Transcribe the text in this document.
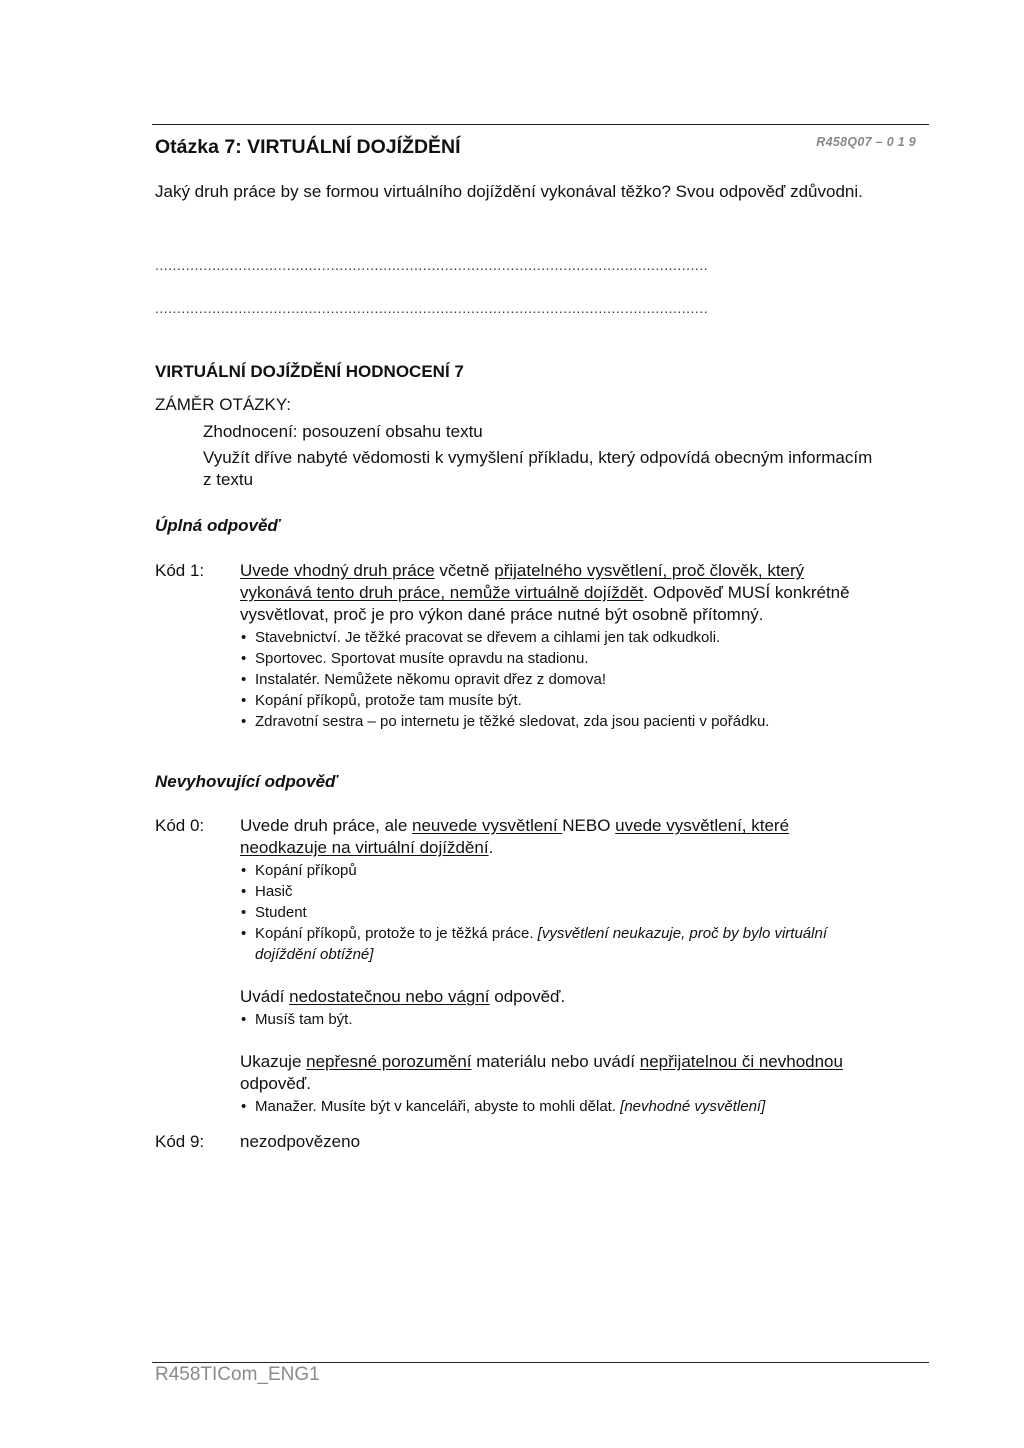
Otázka 7: VIRTUÁLNÍ DOJÍŽDĚNÍ	R458Q07 – 0 1 9
Jaký druh práce by se formou virtuálního dojíždění vykonával těžko? Svou odpověď zdůvodni.
..............................................................................................................................
..............................................................................................................................
VIRTUÁLNÍ DOJÍŽDĚNÍ HODNOCENÍ 7
ZÁMĚR OTÁZKY:
Zhodnocení: posouzení obsahu textu
Využít dříve nabyté vědomosti k vymyšlení příkladu, který odpovídá obecným informacím z textu
Úplná odpověď
Kód 1: Uvede vhodný druh práce včetně přijatelného vysvětlení, proč člověk, který vykonává tento druh práce, nemůže virtuálně dojíždět. Odpověď MUSÍ konkrétně vysvětlovat, proč je pro výkon dané práce nutné být osobně přítomný.
• Stavebnictví. Je těžké pracovat se dřevem a cihlami jen tak odkudkoli.
• Sportovec. Sportovat musíte opravdu na stadionu.
• Instalatér. Nemůžete někomu opravit dřez z domova!
• Kopání příkopů, protože tam musíte být.
• Zdravotní sestra – po internetu je těžké sledovat, zda jsou pacienti v pořádku.
Nevyhovující odpověď
Kód 0: Uvede druh práce, ale neuvede vysvětlení NEBO uvede vysvětlení, které neodkazuje na virtuální dojíždění.
• Kopání příkopů
• Hasič
• Student
• Kopání příkopů, protože to je těžká práce. [vysvětlení neukazuje, proč by bylo virtuální dojíždění obtížné]
Uvádí nedostatečnou nebo vágní odpověď.
• Musíš tam být.
Ukazuje nepřesné porozumění materiálu nebo uvádí nepřijatelnou či nevhodnou odpověď.
• Manažer. Musíte být v kanceláři, abyste to mohli dělat. [nevhodné vysvětlení]
Kód 9: nezodpovězeno
R458TICom_ENG1
